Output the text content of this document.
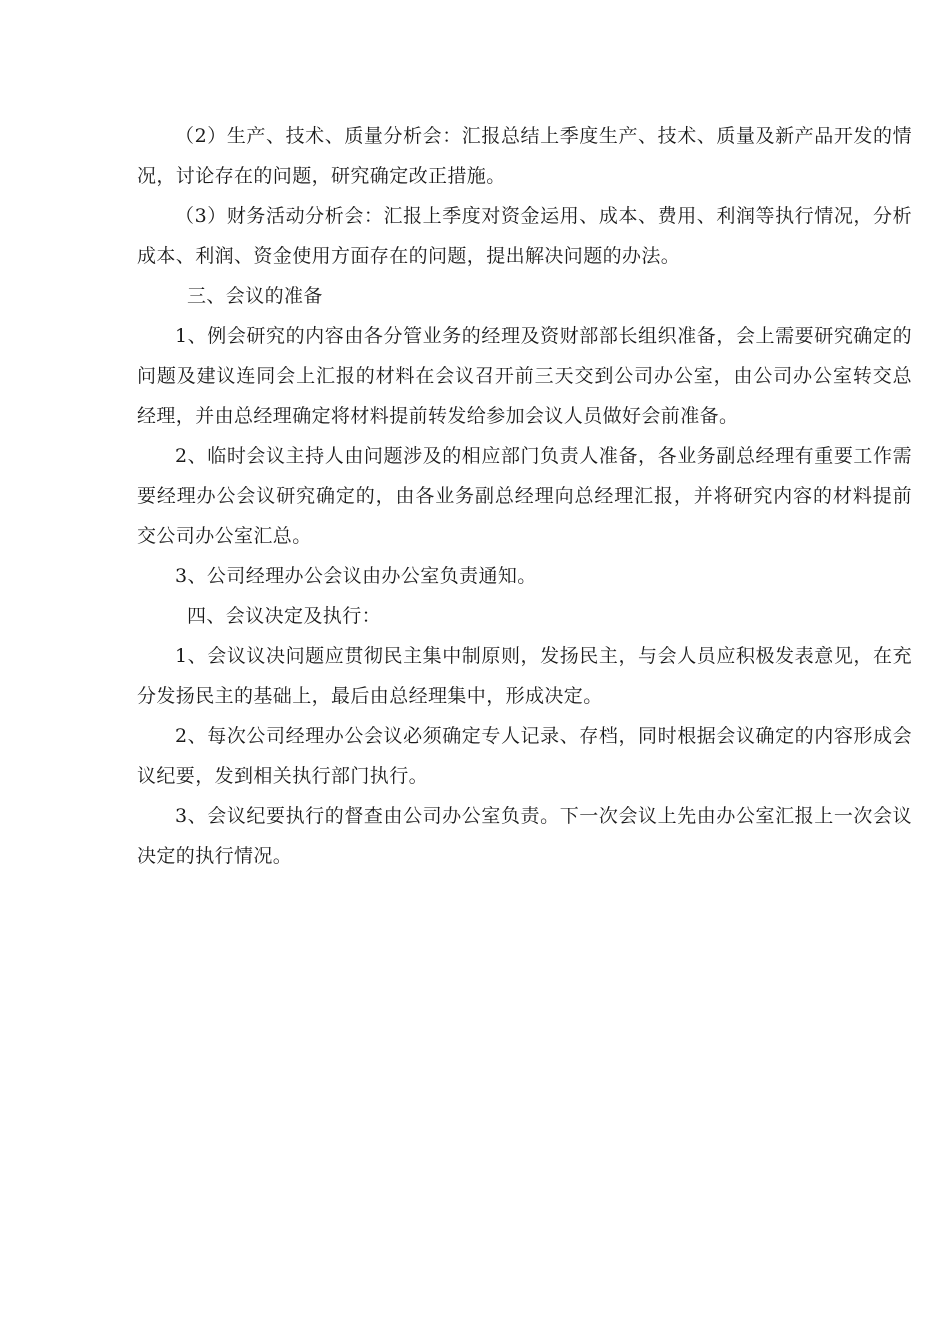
（2）生产、技术、质量分析会：汇报总结上季度生产、技术、质量及新产品开发的情况，讨论存在的问题，研究确定改正措施。

（3）财务活动分析会：汇报上季度对资金运用、成本、费用、利润等执行情况，分析成本、利润、资金使用方面存在的问题，提出解决问题的办法。

三、会议的准备

1、例会研究的内容由各分管业务的经理及资财部部长组织准备，会上需要研究确定的问题及建议连同会上汇报的材料在会议召开前三天交到公司办公室，由公司办公室转交总经理，并由总经理确定将材料提前转发给参加会议人员做好会前准备。

2、临时会议主持人由问题涉及的相应部门负责人准备，各业务副总经理有重要工作需要经理办公会议研究确定的，由各业务副总经理向总经理汇报，并将研究内容的材料提前交公司办公室汇总。

3、公司经理办公会议由办公室负责通知。

四、会议决定及执行：

1、会议议决问题应贯彻民主集中制原则，发扬民主，与会人员应积极发表意见，在充分发扬民主的基础上，最后由总经理集中，形成决定。

2、每次公司经理办公会议必须确定专人记录、存档，同时根据会议确定的内容形成会议纪要，发到相关执行部门执行。

3、会议纪要执行的督查由公司办公室负责。下一次会议上先由办公室汇报上一次会议决定的执行情况。
